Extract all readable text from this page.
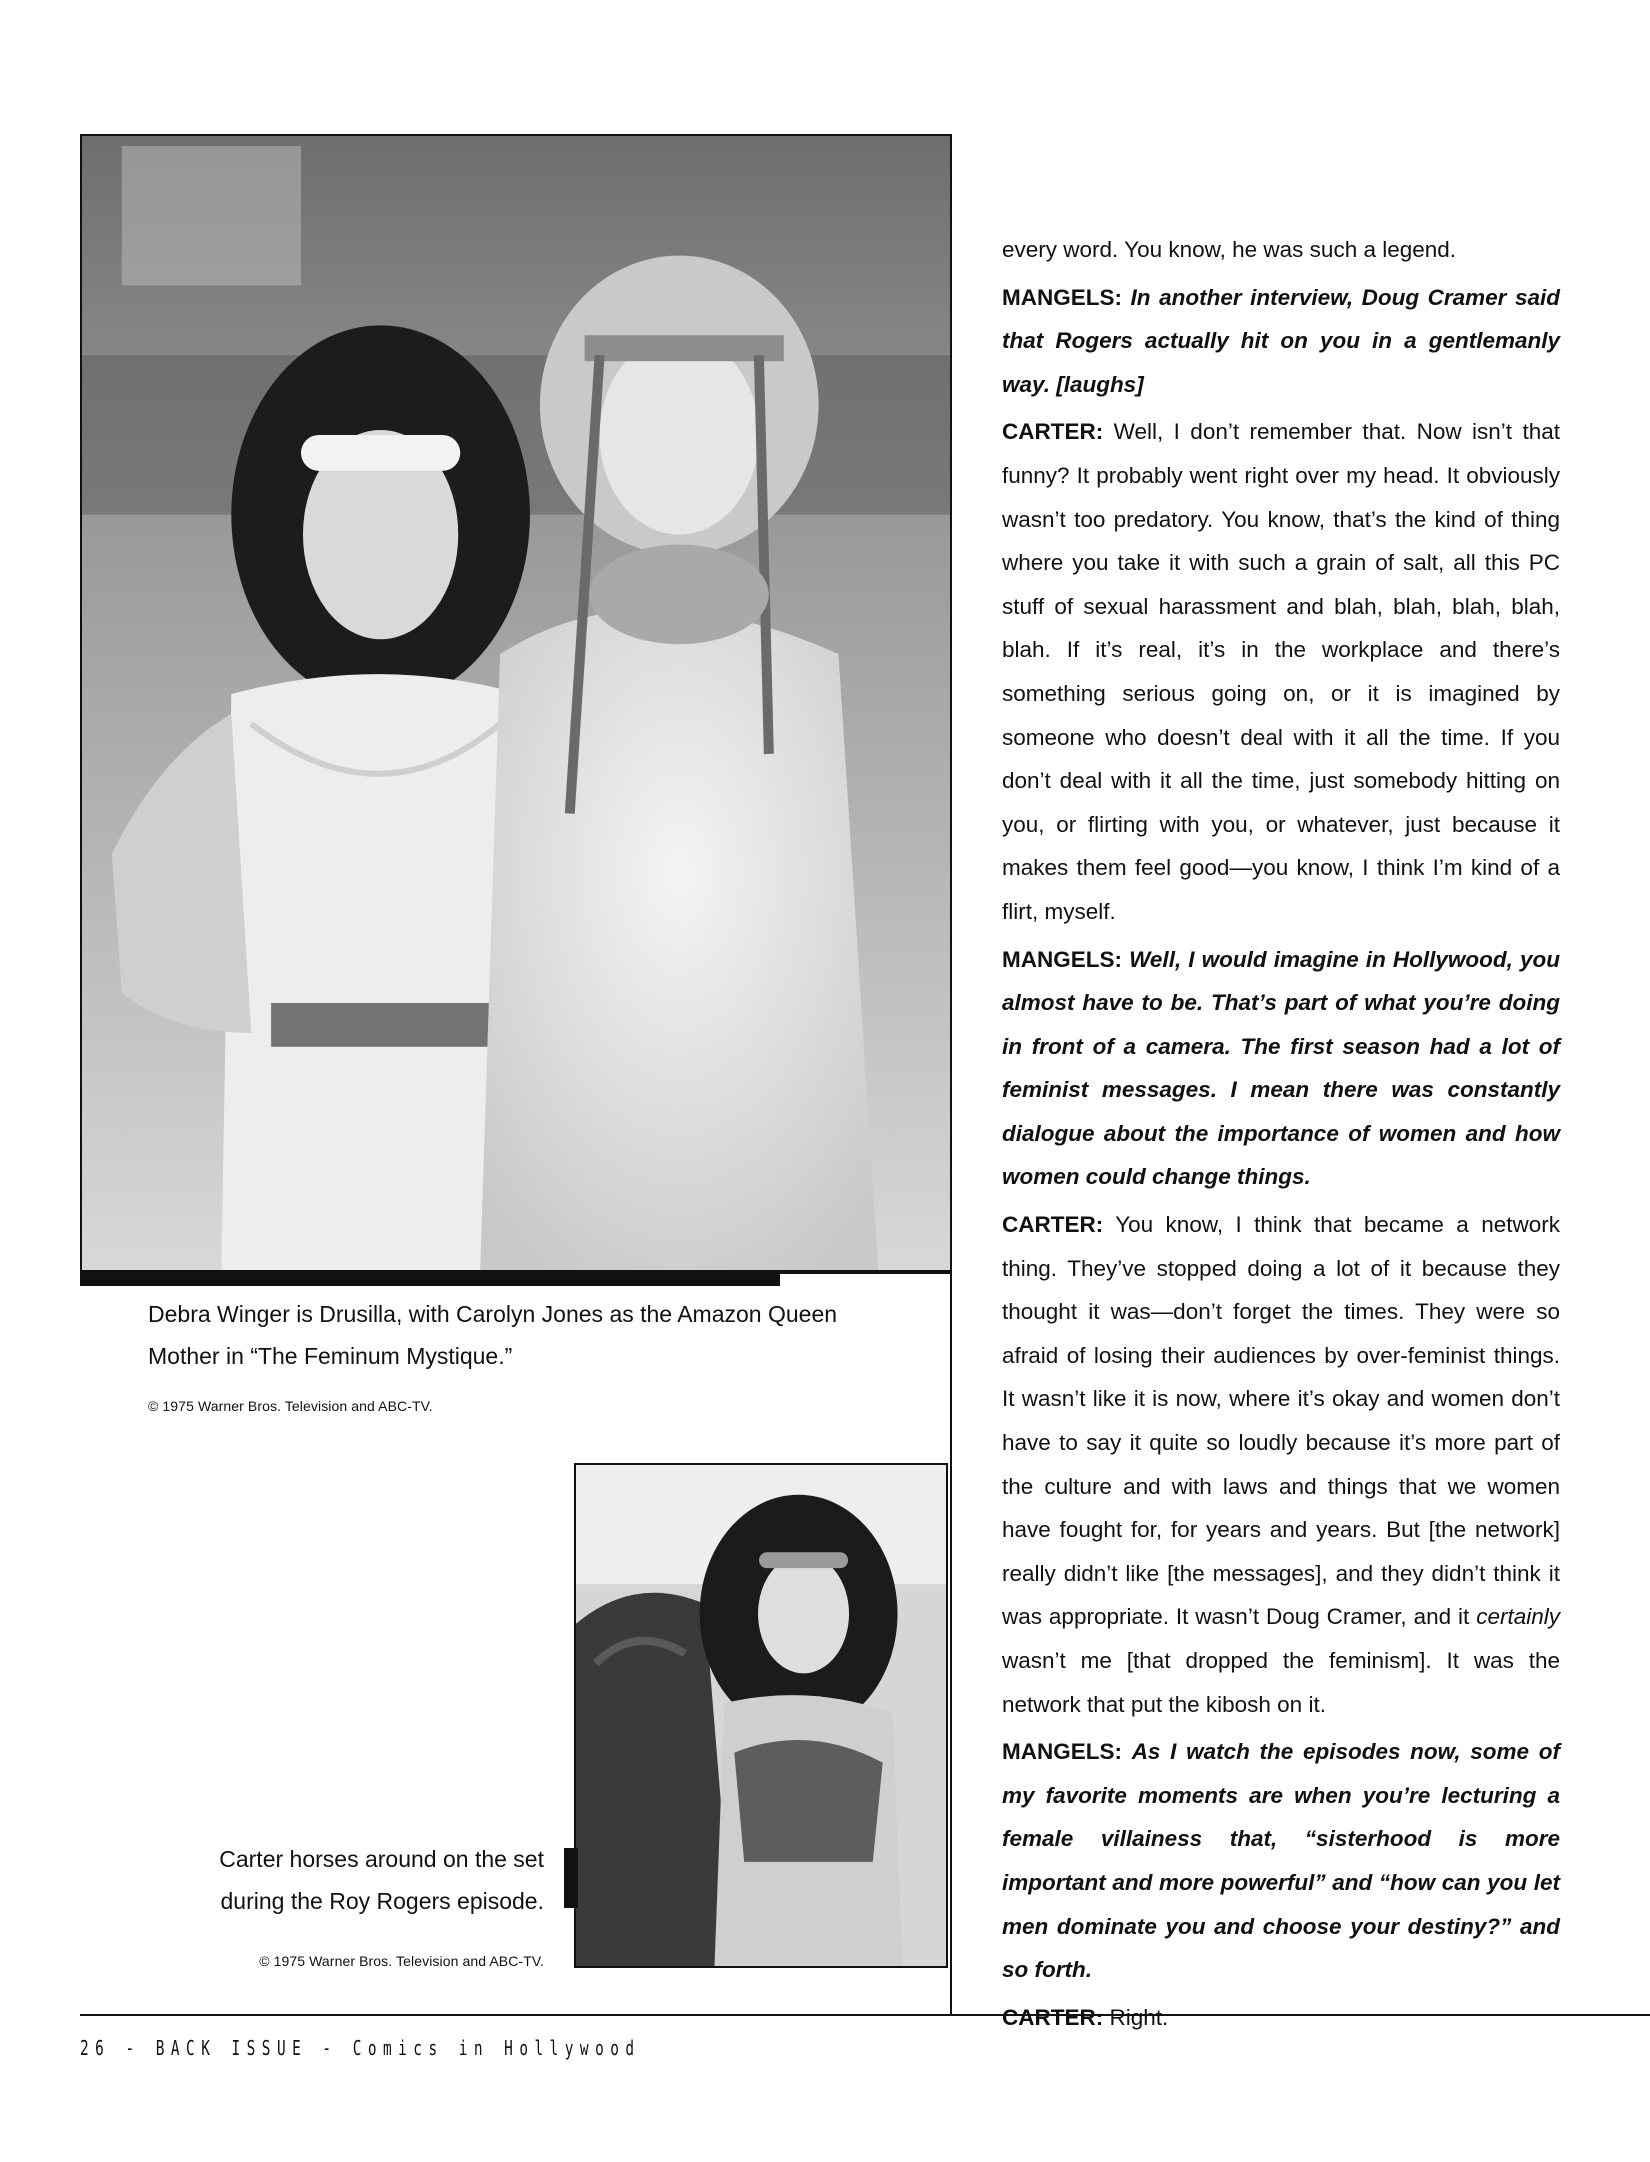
Debra Winger is Drusilla, with Carolyn Jones as the Amazon Queen Mother in “The Feminum Mystique.”
© 1975 Warner Bros. Television and ABC-TV.
Carter horses around on the set
during the Roy Rogers episode.
© 1975 Warner Bros. Television and ABC-TV.

every word. You know, he was such a legend.

MANGELS: In another interview, Doug Cramer said that Rogers actually hit on you in a gentlemanly way. [laughs]

CARTER: Well, I don’t remember that. Now isn’t that funny? It probably went right over my head. It obviously wasn’t too predatory. You know, that’s the kind of thing where you take it with such a grain of salt, all this PC stuff of sexual harassment and blah, blah, blah, blah, blah. If it’s real, it’s in the workplace and there’s something serious going on, or it is imagined by someone who doesn’t deal with it all the time. If you don’t deal with it all the time, just somebody hitting on you, or flirting with you, or whatever, just because it makes them feel good—you know, I think I’m kind of a flirt, myself.

MANGELS: Well, I would imagine in Hollywood, you almost have to be. That’s part of what you’re doing in front of a camera. The first season had a lot of feminist messages. I mean there was constantly dialogue about the importance of women and how women could change things.

CARTER: You know, I think that became a network thing. They’ve stopped doing a lot of it because they thought it was—don’t forget the times. They were so afraid of losing their audiences by over-feminist things. It wasn’t like it is now, where it’s okay and women don’t have to say it quite so loudly because it’s more part of the culture and with laws and things that we women have fought for, for years and years. But [the network] really didn’t like [the messages], and they didn’t think it was appropriate. It wasn’t Doug Cramer, and it certainly wasn’t me [that dropped the feminism]. It was the network that put the kibosh on it.

MANGELS: As I watch the episodes now, some of my favorite moments are when you’re lecturing a female villainess that, “sisterhood is more important and more powerful” and “how can you let men dominate you and choose your destiny?” and so forth.

CARTER: Right.

26 - BACK ISSUE - Comics in Hollywood
